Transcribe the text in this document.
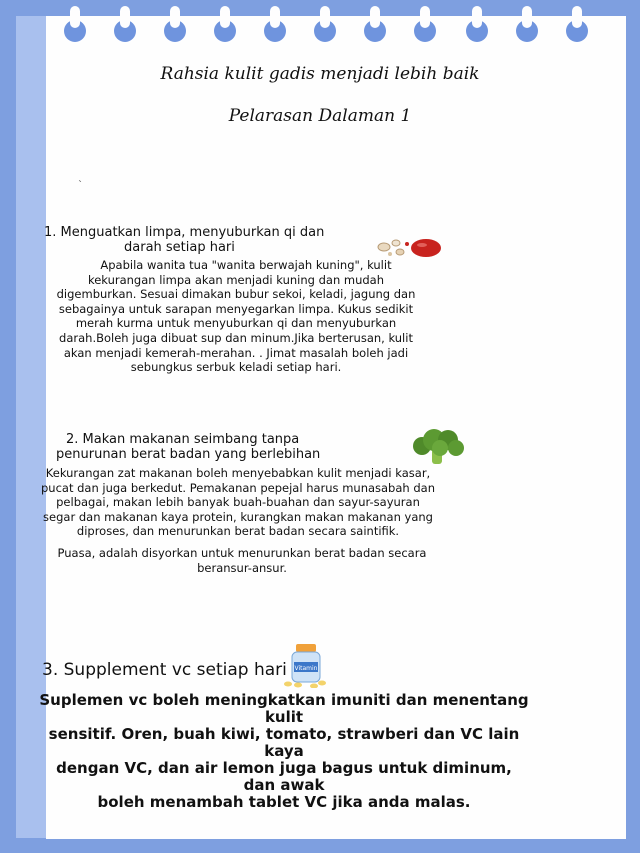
Rahsia kulit gadis menjadi lebih baik
Pelarasan Dalaman 1
`
1. Menguatkan limpa, menyuburkan qi dan
darah setiap hari
Apabila wanita tua "wanita berwajah kuning", kulit
kekurangan limpa akan menjadi kuning dan mudah
digemburkan. Sesuai dimakan bubur sekoi, keladi, jagung dan
sebagainya untuk sarapan menyegarkan limpa. Kukus sedikit
merah kurma untuk menyuburkan qi dan menyuburkan
darah.Boleh juga dibuat sup dan minum.Jika berterusan, kulit
akan menjadi kemerah-merahan. . Jimat masalah boleh jadi
sebungkus serbuk keladi setiap hari.
2. Makan makanan seimbang tanpa
penurunan berat badan yang berlebihan
Kekurangan zat makanan boleh menyebabkan kulit menjadi kasar,
pucat dan juga berkedut. Pemakanan pepejal harus munasabah dan
pelbagai, makan lebih banyak buah-buahan dan sayur-sayuran
segar dan makanan kaya protein, kurangkan makan makanan yang
diproses, dan menurunkan berat badan secara saintifik.
Puasa, adalah disyorkan untuk menurunkan berat badan secara
beransur-ansur.
3. Supplement vc setiap hari Vitamin
Suplemen vc boleh meningkatkan imuniti dan menentang kulit
sensitif. Oren, buah kiwi, tomato, strawberi dan VC lain kaya
dengan VC, dan air lemon juga bagus untuk diminum, dan awak
boleh menambah tablet VC jika anda malas.
